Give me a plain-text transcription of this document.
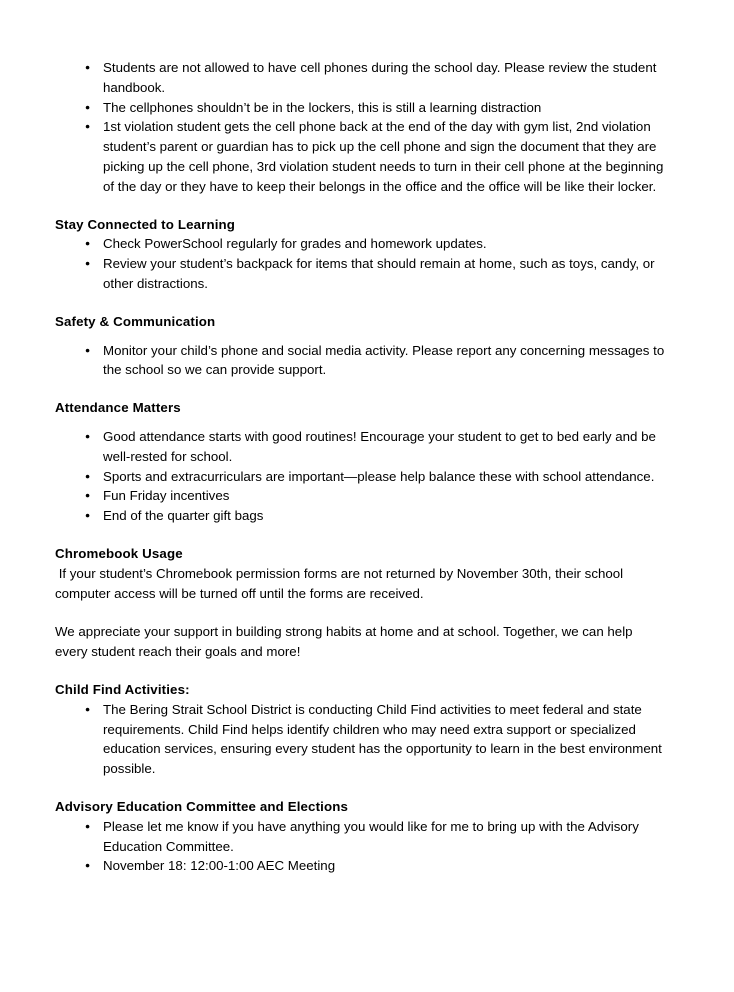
● Students are not allowed to have cell phones during the school day. Please review the student handbook.
● The cellphones shouldn’t be in the lockers, this is still a learning distraction
● 1st violation student gets the cell phone back at the end of the day with gym list, 2nd violation student’s parent or guardian has to pick up the cell phone and sign the document that they are picking up the cell phone, 3rd violation student needs to turn in their cell phone at the beginning of the day or they have to keep their belongs in the office and the office will be like their locker.
Stay Connected to Learning
● Check PowerSchool regularly for grades and homework updates.
● Review your student’s backpack for items that should remain at home, such as toys, candy, or other distractions.
Safety & Communication
● Monitor your child’s phone and social media activity. Please report any concerning messages to the school so we can provide support.
Attendance Matters
● Good attendance starts with good routines! Encourage your student to get to bed early and be well-rested for school.
● Sports and extracurriculars are important—please help balance these with school attendance.
● Fun Friday incentives
● End of the quarter gift bags
Chromebook Usage

If your student’s Chromebook permission forms are not returned by November 30th, their school computer access will be turned off until the forms are received.

We appreciate your support in building strong habits at home and at school. Together, we can help every student reach their goals and more!

Child Find Activities:
● The Bering Strait School District is conducting Child Find activities to meet federal and state requirements. Child Find helps identify children who may need extra support or specialized education services, ensuring every student has the opportunity to learn in the best environment possible.
Advisory Education Committee and Elections
● Please let me know if you have anything you would like for me to bring up with the Advisory Education Committee.
● November 18: 12:00-1:00 AEC Meeting
